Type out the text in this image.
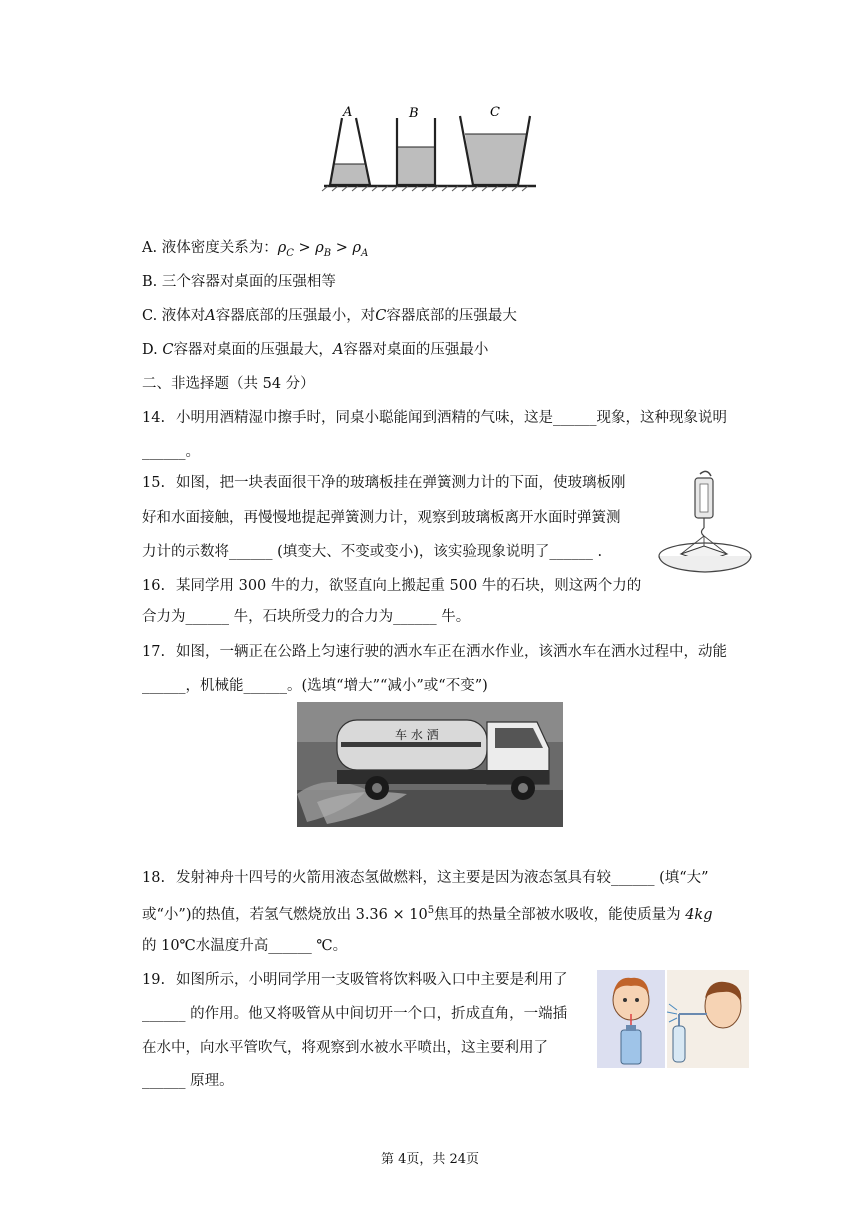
A	B	C
A. 液体密度关系为：$\rho_C > \rho_B > \rho_A$
B. 三个容器对桌面的压强相等
C. 液体对A容器底部的压强最小，对C容器底部的压强最大
D. C容器对桌面的压强最大，A容器对桌面的压强最小
二、非选择题（共 54 分）
14. 小明用酒精湿巾擦手时，同桌小聪能闻到酒精的气味，这是______现象，这种现象说明
______。
15. 如图，把一块表面很干净的玻璃板挂在弹簧测力计的下面，使玻璃板刚
好和水面接触，再慢慢地提起弹簧测力计，观察到玻璃板离开水面时弹簧测
力计的示数将______ (填变大、不变或变小)，该实验现象说明了______ .
16. 某同学用 300 牛的力，欲竖直向上搬起重 500 牛的石块，则这两个力的
合力为______ 牛，石块所受力的合力为______ 牛。
17. 如图，一辆正在公路上匀速行驶的洒水车正在洒水作业，该洒水车在洒水过程中，动能
______，机械能______。(选填“增大”“减小”或“不变”)
车 水 洒
18. 发射神舟十四号的火箭用液态氢做燃料，这主要是因为液态氢具有较______ (填“大”
或“小”)的热值，若氢气燃烧放出 $3.36 \times 10^5$焦耳的热量全部被水吸收，能使质量为 4kg
的 10℃水温度升高______ ℃。
19. 如图所示，小明同学用一支吸管将饮料吸入口中主要是利用了
______ 的作用。他又将吸管从中间切开一个口，折成直角，一端插
在水中，向水平管吹气，将观察到水被水平喷出，这主要利用了
______ 原理。
第 4页，共 24页
